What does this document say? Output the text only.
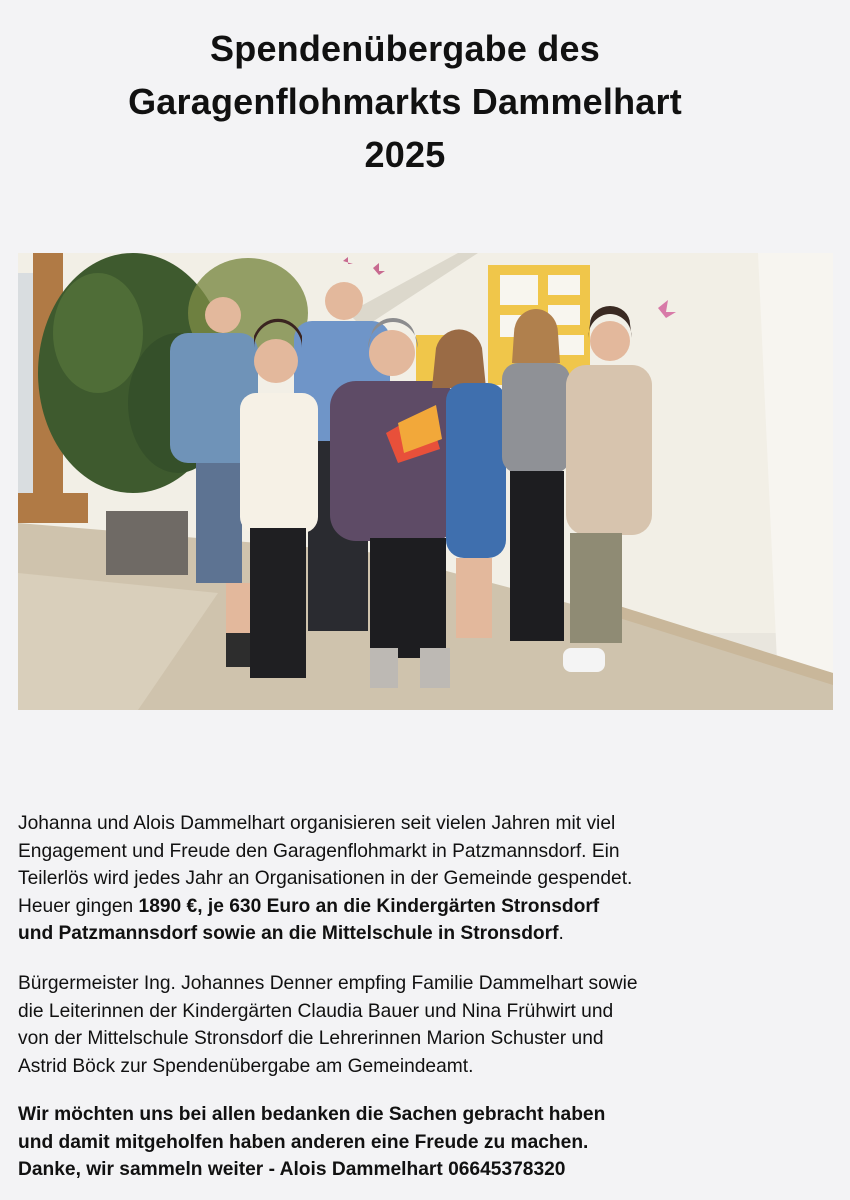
Spendenübergabe des
Garagenflohmarkts Dammelhart
2025
Johanna und Alois Dammelhart organisieren seit vielen Jahren mit viel
Engagement und Freude den Garagenflohmarkt in Patzmannsdorf. Ein
Teilerlös wird jedes Jahr an Organisationen in der Gemeinde gespendet.
Heuer gingen 1890 €, je 630 Euro an die Kindergärten Stronsdorf
und Patzmannsdorf sowie an die Mittelschule in Stronsdorf.
Bürgermeister Ing. Johannes Denner empfing Familie Dammelhart sowie
die Leiterinnen der Kindergärten Claudia Bauer und Nina Frühwirt und
von der Mittelschule Stronsdorf die Lehrerinnen Marion Schuster und
Astrid Böck zur Spendenübergabe am Gemeindeamt.
Wir möchten uns bei allen bedanken die Sachen gebracht haben
und damit mitgeholfen haben anderen eine Freude zu machen.
Danke, wir sammeln weiter - Alois Dammelhart 06645378320
